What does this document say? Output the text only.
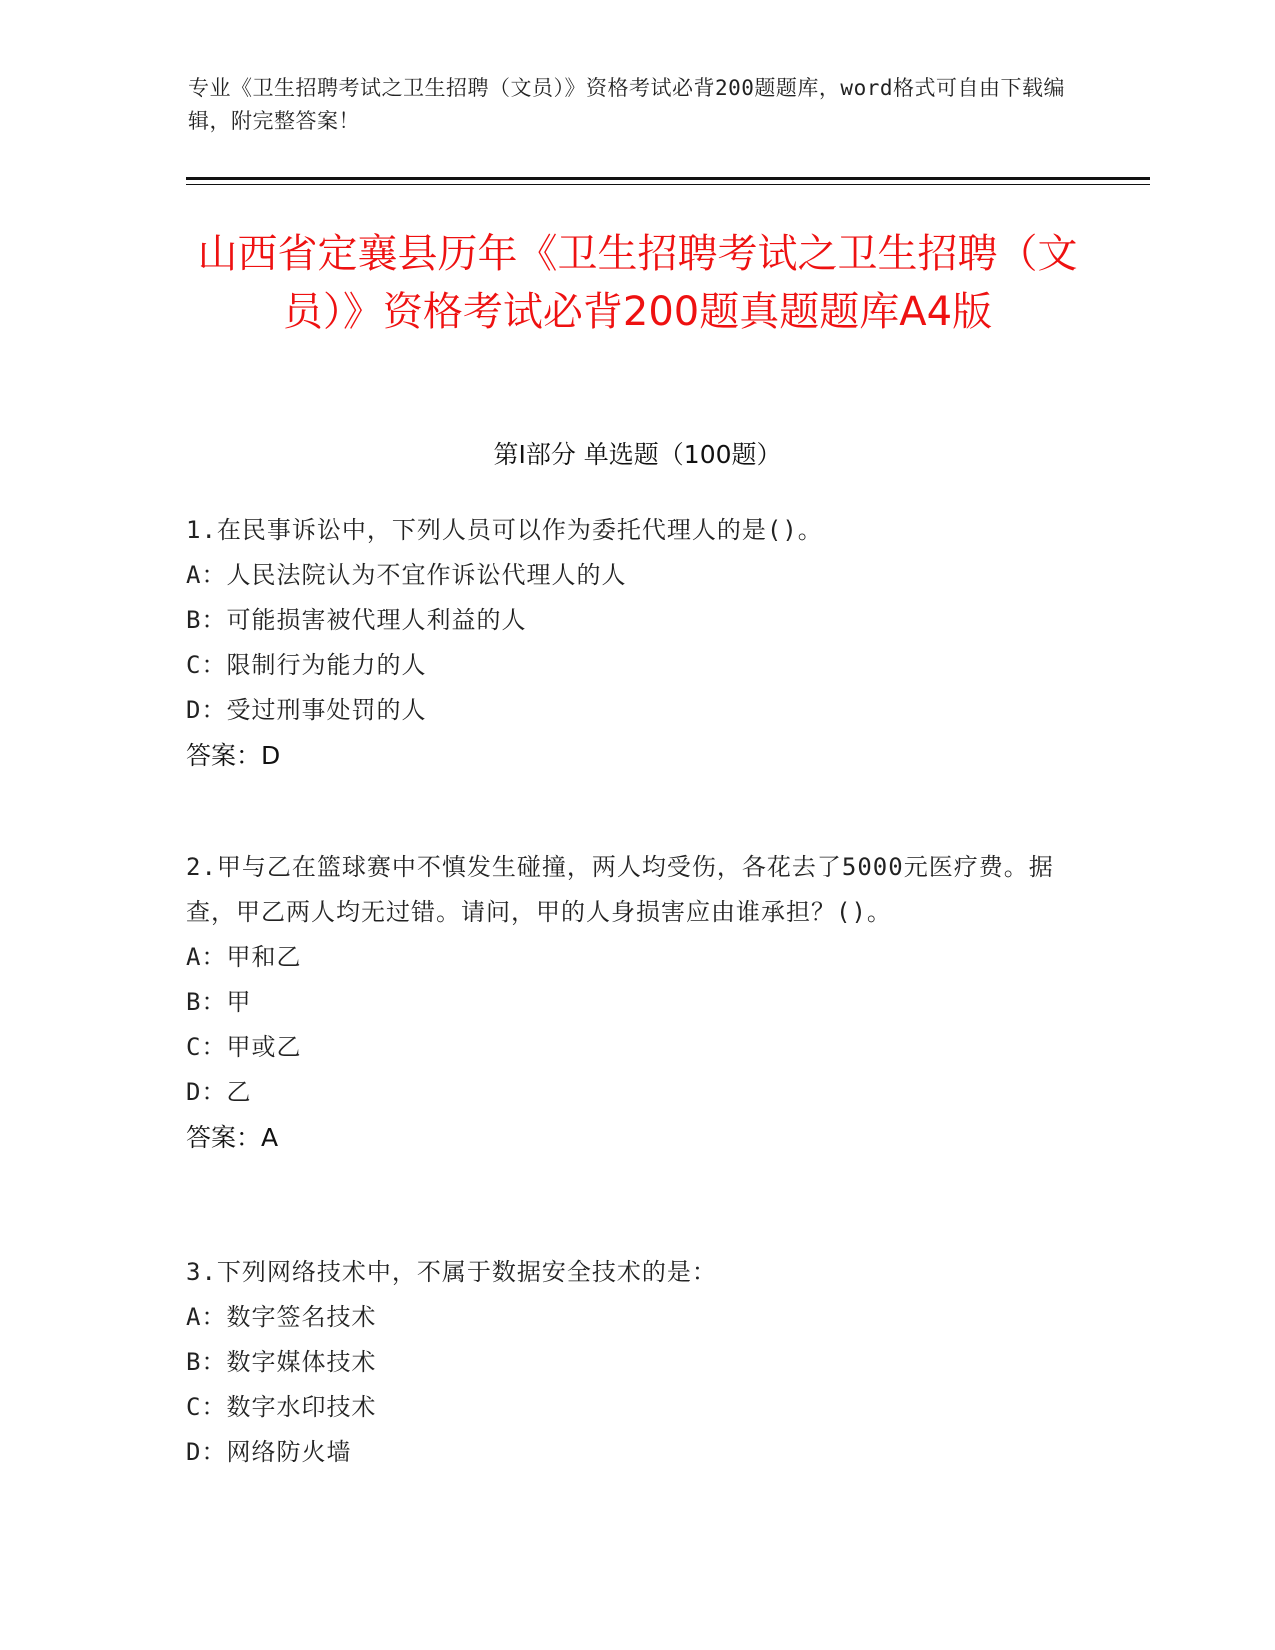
专业《卫生招聘考试之卫生招聘（文员）》资格考试必背200题题库，word格式可自由下载编辑，附完整答案！
山西省定襄县历年《卫生招聘考试之卫生招聘（文员）》资格考试必背200题真题题库A4版
第Ⅰ部分 单选题（100题）
1.在民事诉讼中，下列人员可以作为委托代理人的是()。
A：人民法院认为不宜作诉讼代理人的人
B：可能损害被代理人利益的人
C：限制行为能力的人
D：受过刑事处罚的人
答案：D
2.甲与乙在篮球赛中不慎发生碰撞，两人均受伤，各花去了5000元医疗费。据查，甲乙两人均无过错。请问，甲的人身损害应由谁承担？()。
A：甲和乙
B：甲
C：甲或乙
D：乙
答案：A
3.下列网络技术中，不属于数据安全技术的是：
A：数字签名技术
B：数字媒体技术
C：数字水印技术
D：网络防火墙
